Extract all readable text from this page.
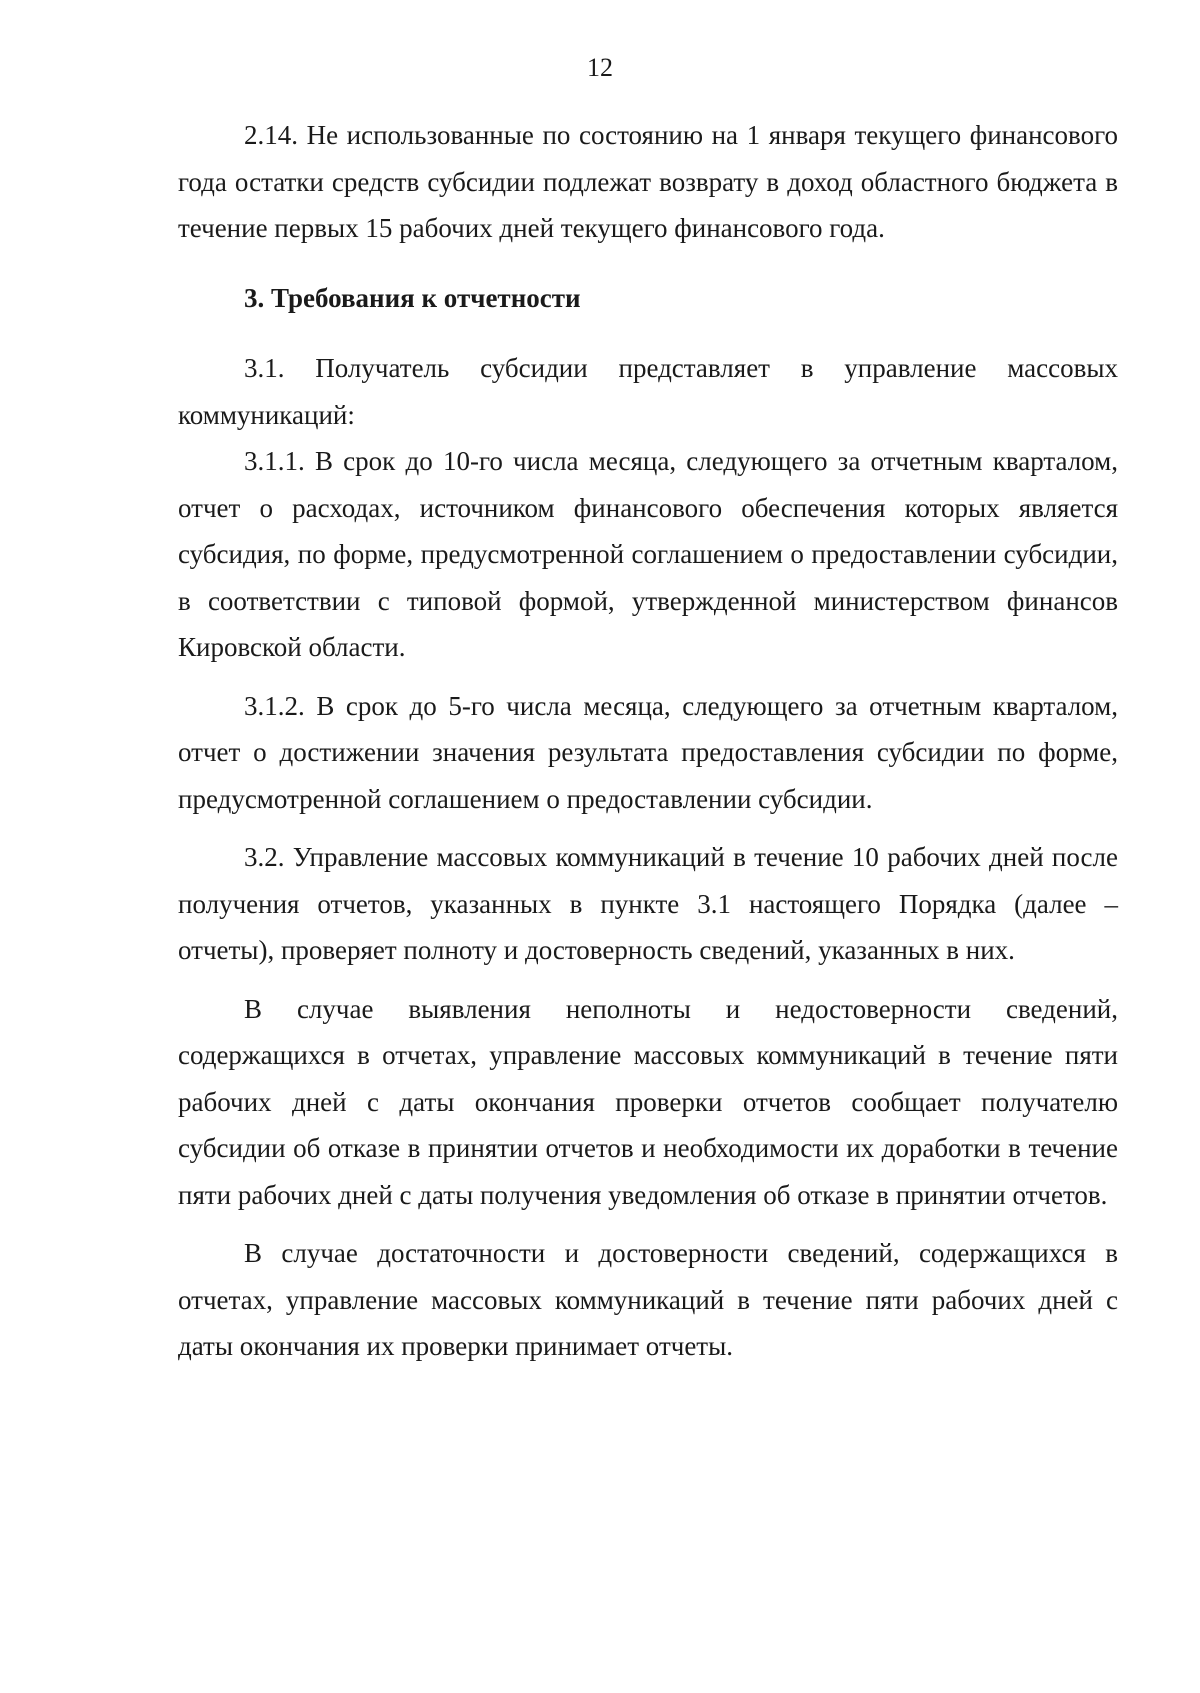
12

2.14. Не использованные по состоянию на 1 января текущего финансового года остатки средств субсидии подлежат возврату в доход областного бюджета в течение первых 15 рабочих дней текущего финансового года.

3. Требования к отчетности

3.1. Получатель субсидии представляет в управление массовых коммуникаций:

3.1.1. В срок до 10-го числа месяца, следующего за отчетным кварталом, отчет о расходах, источником финансового обеспечения которых является субсидия, по форме, предусмотренной соглашением о предоставлении субсидии, в соответствии с типовой формой, утвержденной министерством финансов Кировской области.

3.1.2. В срок до 5-го числа месяца, следующего за отчетным кварталом, отчет о достижении значения результата предоставления субсидии по форме, предусмотренной соглашением о предоставлении субсидии.

3.2. Управление массовых коммуникаций в течение 10 рабочих дней после получения отчетов, указанных в пункте 3.1 настоящего Порядка (далее – отчеты), проверяет полноту и достоверность сведений, указанных в них.

В случае выявления неполноты и недостоверности сведений, содержащихся в отчетах, управление массовых коммуникаций в течение пяти рабочих дней с даты окончания проверки отчетов сообщает получателю субсидии об отказе в принятии отчетов и необходимости их доработки в течение пяти рабочих дней с даты получения уведомления об отказе в принятии отчетов.

В случае достаточности и достоверности сведений, содержащихся в отчетах, управление массовых коммуникаций в течение пяти рабочих дней с даты окончания их проверки принимает отчеты.
